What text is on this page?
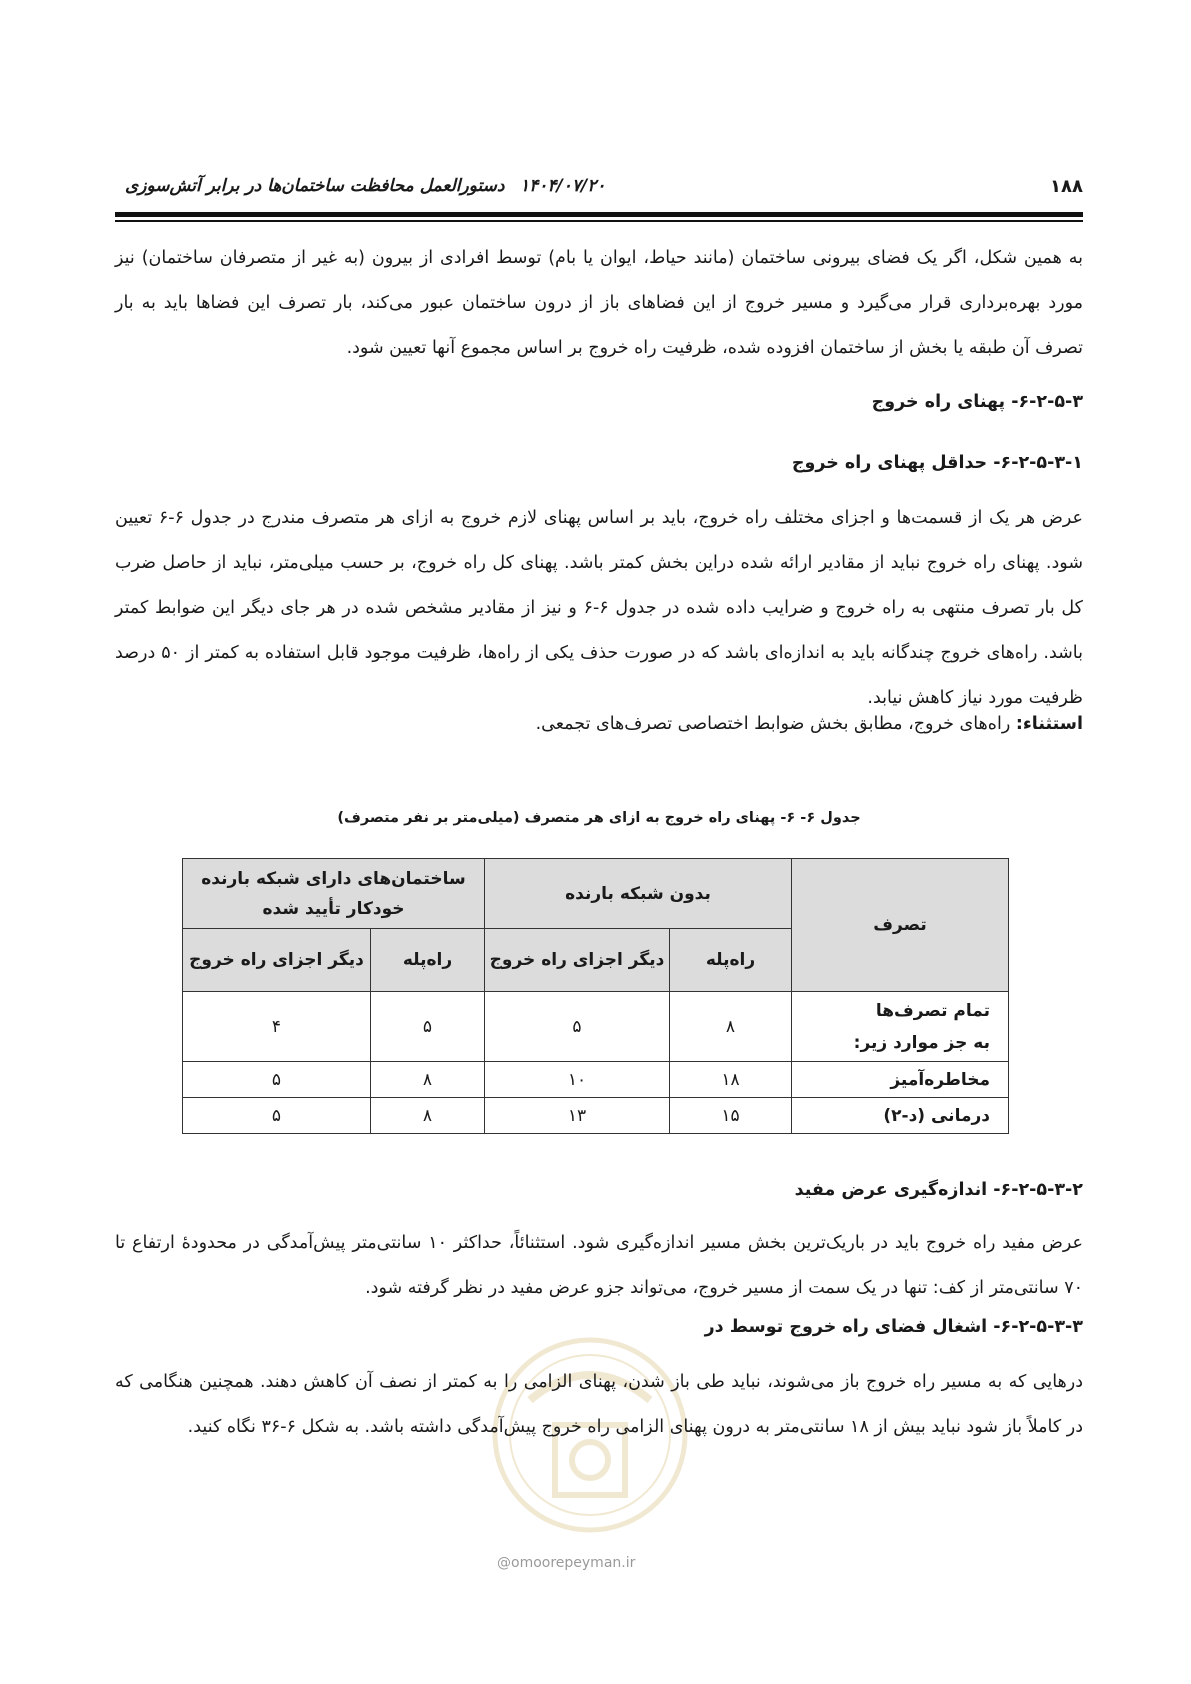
۱۸۸
۱۴۰۴/۰۷/۲۰
دستورالعمل محافظت ساختمان‌ها در برابر آتش‌سوزی
به همین شکل، اگر یک فضای بیرونی ساختمان (مانند حیاط، ایوان یا بام) توسط افرادی از بیرون (به غیر از متصرفان ساختمان) نیز مورد بهره‌برداری قرار می‌گیرد و مسیر خروج از این فضاهای باز از درون ساختمان عبور می‌کند، بار تصرف این فضاها باید به بار تصرف آن طبقه یا بخش از ساختمان افزوده شده، ظرفیت راه خروج بر اساس مجموع آنها تعیین شود.
۶-۲-۵-۳- پهنای راه خروج
۶-۲-۵-۳-۱- حداقل پهنای راه خروج
عرض هر یک از قسمت‌ها و اجزای مختلف راه خروج، باید بر اساس پهنای لازم خروج به ازای هر متصرف مندرج در جدول ۶-۶ تعیین شود. پهنای راه خروج نباید از مقادیر ارائه شده دراین بخش کمتر باشد. پهنای کل راه خروج، بر حسب میلی‌متر، نباید از حاصل ضرب کل بار تصرف منتهی به راه خروج و ضرایب داده شده در جدول ۶-۶ و نیز از مقادیر مشخص شده در هر جای دیگر این ضوابط کمتر باشد. راه‌های خروج چندگانه باید به اندازه‌ای باشد که در صورت حذف یکی از راه‌ها، ظرفیت موجود قابل استفاده به کمتر از ۵۰ درصد ظرفیت مورد نیاز کاهش نیابد.
استثناء: راه‌های خروج، مطابق بخش ضوابط اختصاصی تصرف‌های تجمعی.
جدول ۶- ۶- پهنای راه خروج به ازای هر متصرف (میلی‌متر بر نفر متصرف)
تصرف	بدون شبکه بارنده		ساختمان‌های دارای شبکه بارنده
خودکار تأیید شده	
	راه‌پله	دیگر اجزای راه خروج	راه‌پله	دیگر اجزای راه خروج
تمام تصرف‌ها
به جز موارد زیر:	۸	۵	۵	۴
مخاطره‌آمیز	۱۸	۱۰	۸	۵
درمانی (د-۲)	۱۵	۱۳	۸	۵
۶-۲-۵-۳-۲- اندازه‌گیری عرض مفید
عرض مفید راه خروج باید در باریک‌ترین بخش مسیر اندازه‌گیری شود. استثنائاً، حداکثر ۱۰ سانتی‌متر پیش‌آمدگی در محدودهٔ ارتفاع تا ۷۰ سانتی‌متر از کف: تنها در یک سمت از مسیر خروج، می‌تواند جزو عرض مفید در نظر گرفته شود.
۶-۲-۵-۳-۳- اشغال فضای راه خروج توسط در
درهایی که به مسیر راه خروج باز می‌شوند، نباید طی باز شدن، پهنای الزامی را به کمتر از نصف آن کاهش دهند. همچنین هنگامی که در کاملاً باز شود نباید بیش از ۱۸ سانتی‌متر به درون پهنای الزامی راه خروج پیش‌آمدگی داشته باشد. به شکل ۶-۳۶ نگاه کنید.
@omoorepeyman.ir
